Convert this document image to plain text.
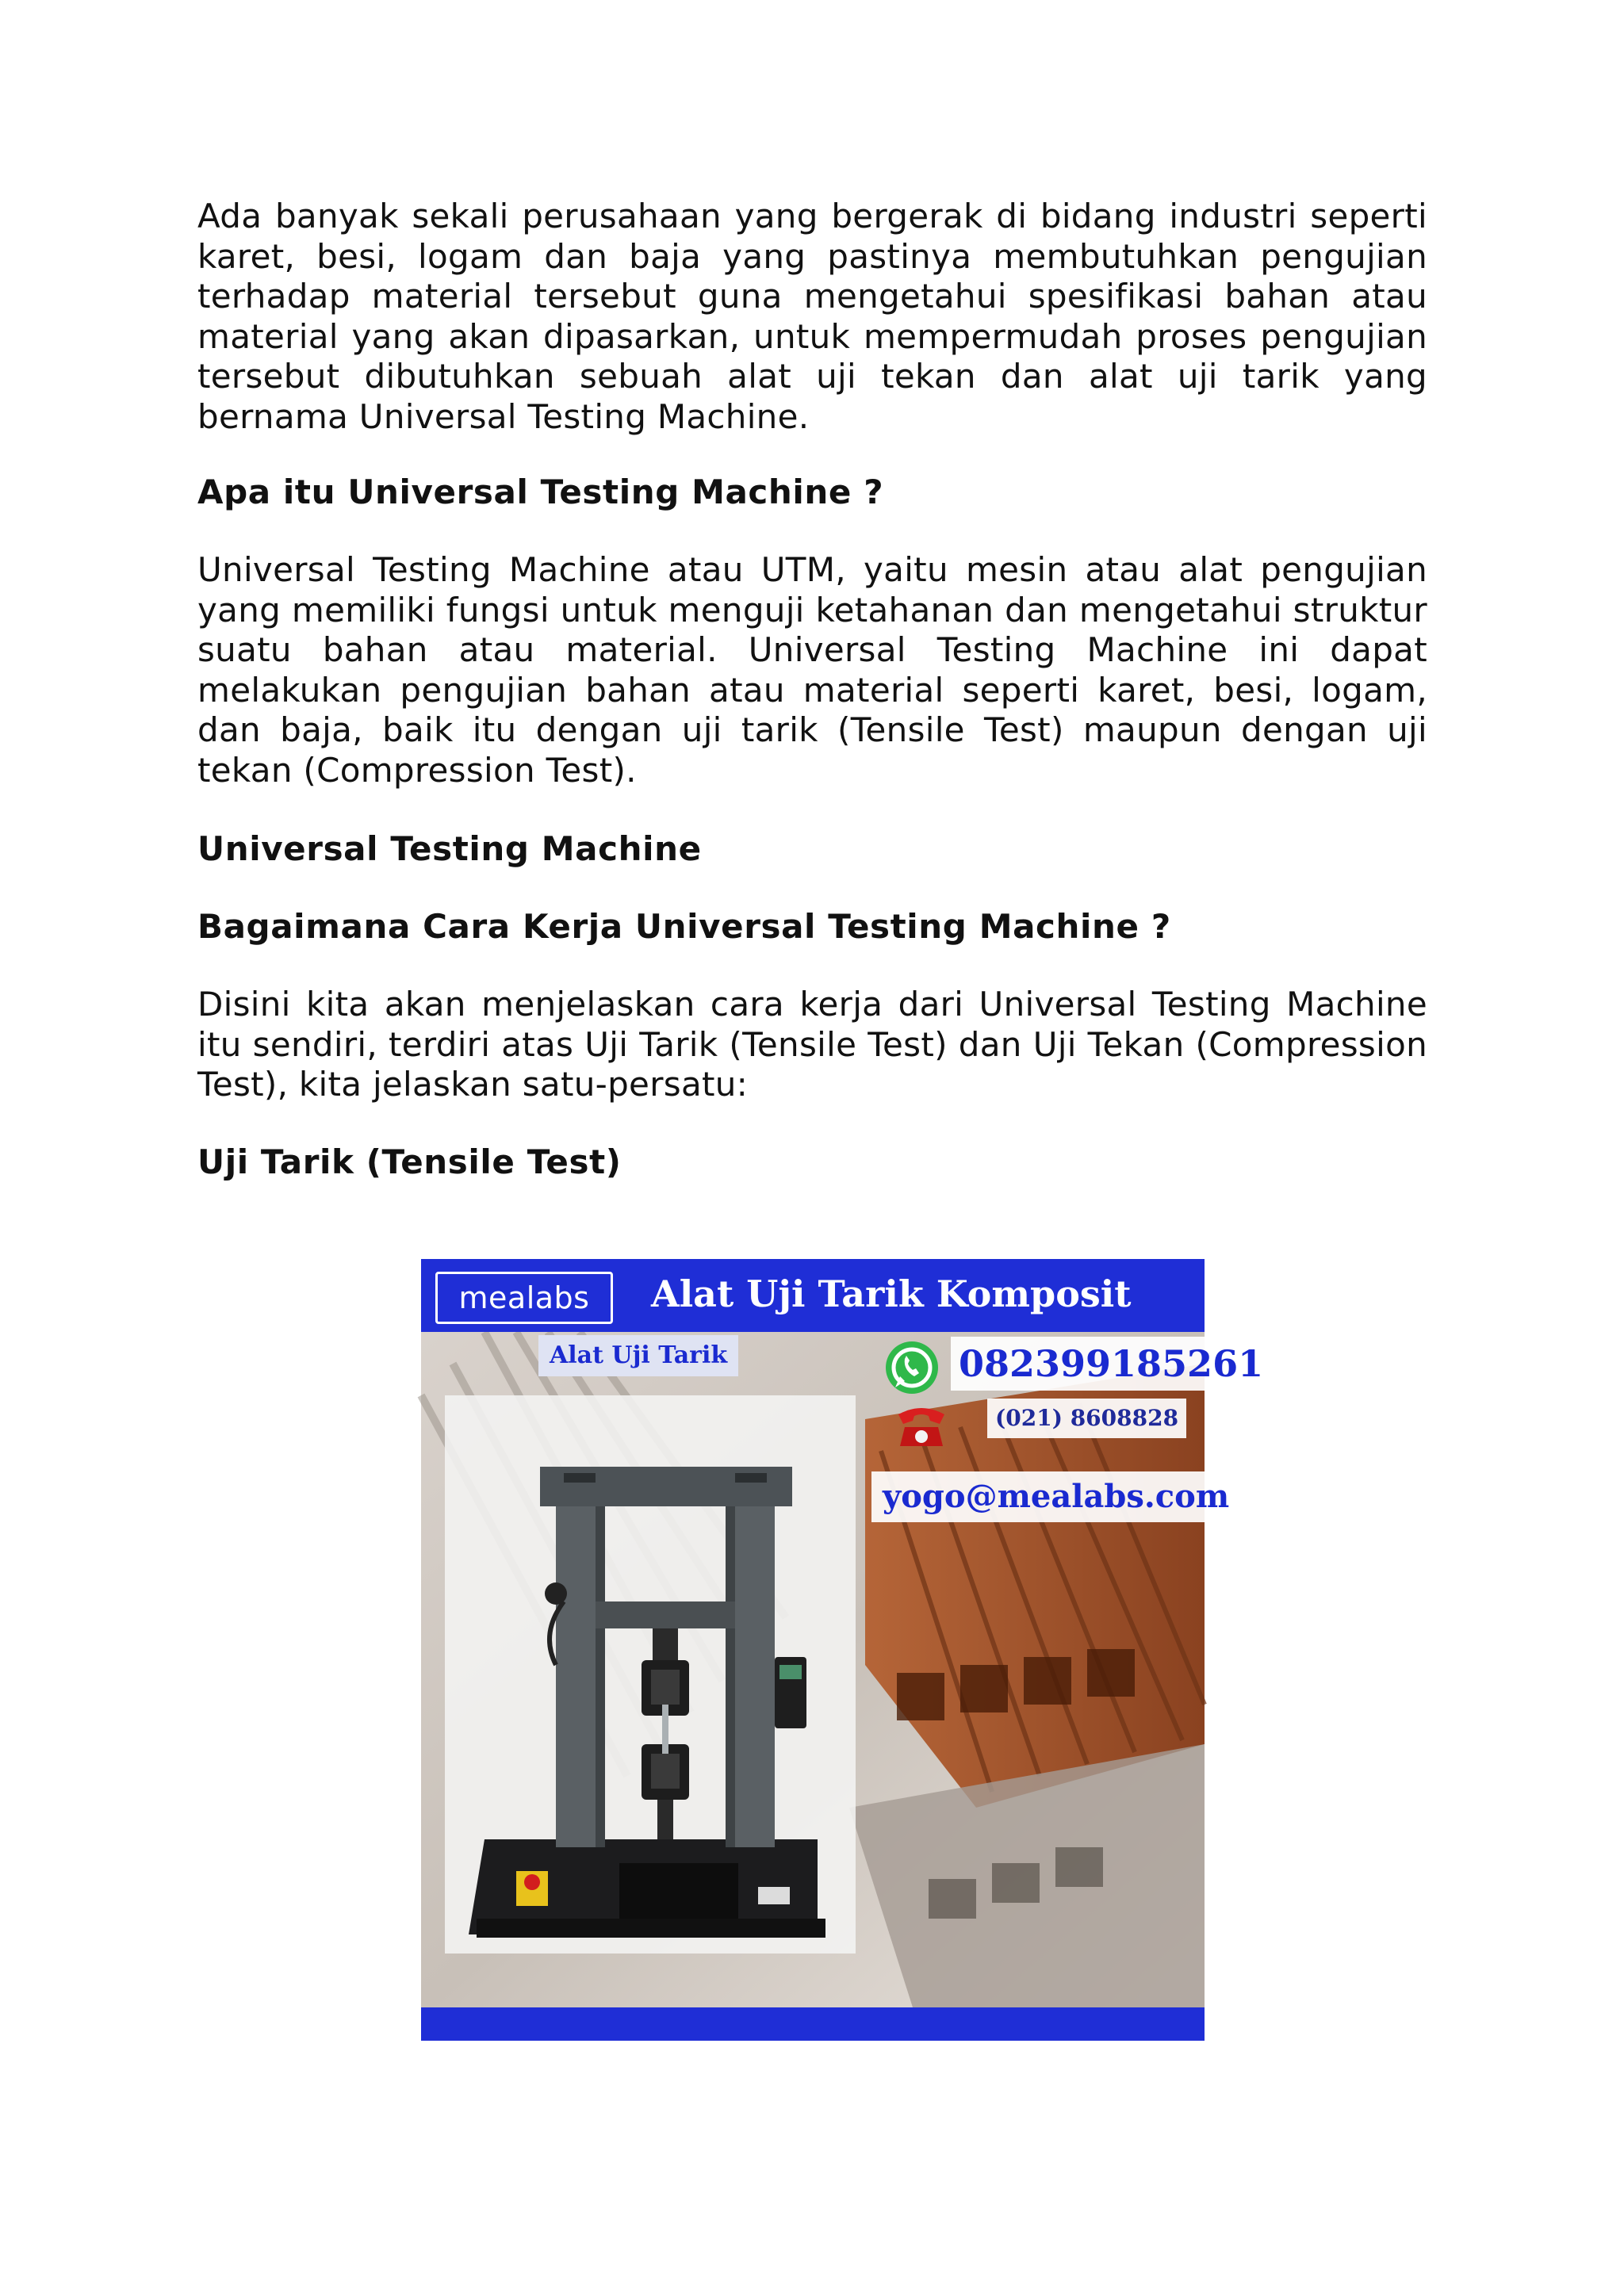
Ada banyak sekali perusahaan yang bergerak di bidang industri seperti karet, besi, logam dan baja yang pastinya membutuhkan pengujian terhadap material tersebut guna mengetahui spesifikasi bahan atau material yang akan dipasarkan, untuk mempermudah proses pengujian tersebut dibutuhkan sebuah alat uji tekan dan alat uji tarik yang bernama Universal Testing Machine.

Apa itu Universal Testing Machine ?

Universal Testing Machine atau UTM, yaitu mesin atau alat pengujian yang memiliki fungsi untuk menguji ketahanan dan mengetahui struktur suatu bahan atau material. Universal Testing Machine ini dapat melakukan pengujian bahan atau material seperti karet, besi, logam, dan baja, baik itu dengan uji tarik (Tensile Test) maupun dengan uji tekan (Compression Test).

Universal Testing Machine
Bagaimana Cara Kerja Universal Testing Machine ?

Disini kita akan menjelaskan cara kerja dari Universal Testing Machine itu sendiri, terdiri atas Uji Tarik (Tensile Test) dan Uji Tekan (Compression Test), kita jelaskan satu-persatu:

Uji Tarik (Tensile Test)
mealabs	Alat Uji Tarik Komposit
Alat Uji Tarik	082399185261
(021) 8608828
yogo@mealabs.com
